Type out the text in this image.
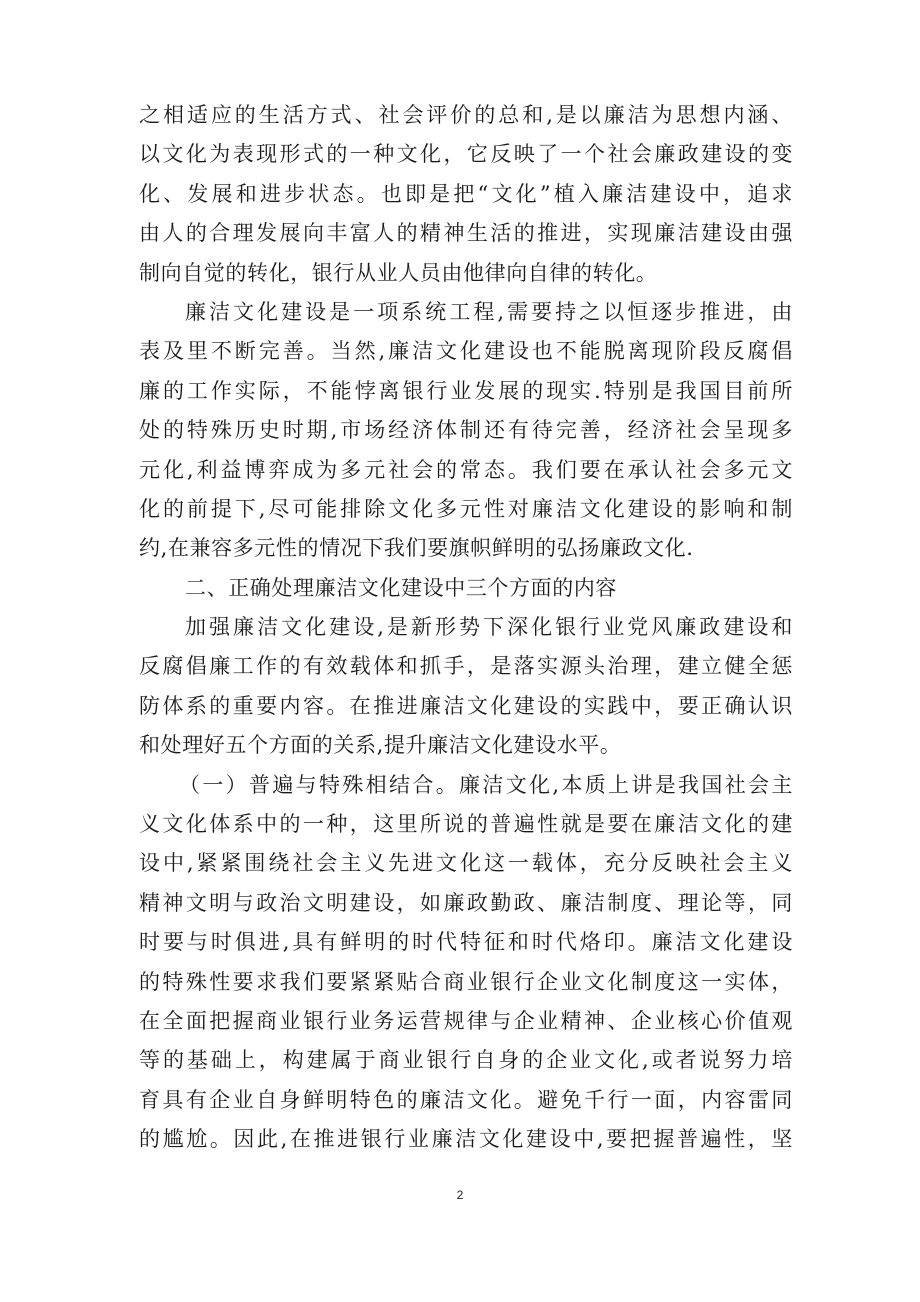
之相适应的生活方式、社会评价的总和,是以廉洁为思想内涵、
以文化为表现形式的一种文化，它反映了一个社会廉政建设的变
化、发展和进步状态。也即是把“文化”植入廉洁建设中，追求
由人的合理发展向丰富人的精神生活的推进，实现廉洁建设由强
制向自觉的转化，银行从业人员由他律向自律的转化。
廉洁文化建设是一项系统工程,需要持之以恒逐步推进，由
表及里不断完善。当然,廉洁文化建设也不能脱离现阶段反腐倡
廉的工作实际，不能悖离银行业发展的现实.特别是我国目前所
处的特殊历史时期,市场经济体制还有待完善，经济社会呈现多
元化,利益博弈成为多元社会的常态。我们要在承认社会多元文
化的前提下,尽可能排除文化多元性对廉洁文化建设的影响和制
约,在兼容多元性的情况下我们要旗帜鲜明的弘扬廉政文化.
二、正确处理廉洁文化建设中三个方面的内容
加强廉洁文化建设,是新形势下深化银行业党风廉政建设和
反腐倡廉工作的有效载体和抓手，是落实源头治理，建立健全惩
防体系的重要内容。在推进廉洁文化建设的实践中，要正确认识
和处理好五个方面的关系,提升廉洁文化建设水平。
（一）普遍与特殊相结合。廉洁文化,本质上讲是我国社会主
义文化体系中的一种，这里所说的普遍性就是要在廉洁文化的建
设中,紧紧围绕社会主义先进文化这一载体，充分反映社会主义
精神文明与政治文明建设，如廉政勤政、廉洁制度、理论等，同
时要与时俱进,具有鲜明的时代特征和时代烙印。廉洁文化建设
的特殊性要求我们要紧紧贴合商业银行企业文化制度这一实体，
在全面把握商业银行业务运营规律与企业精神、企业核心价值观
等的基础上，构建属于商业银行自身的企业文化,或者说努力培
育具有企业自身鲜明特色的廉洁文化。避免千行一面，内容雷同
的尴尬。因此,在推进银行业廉洁文化建设中,要把握普遍性，坚
2
